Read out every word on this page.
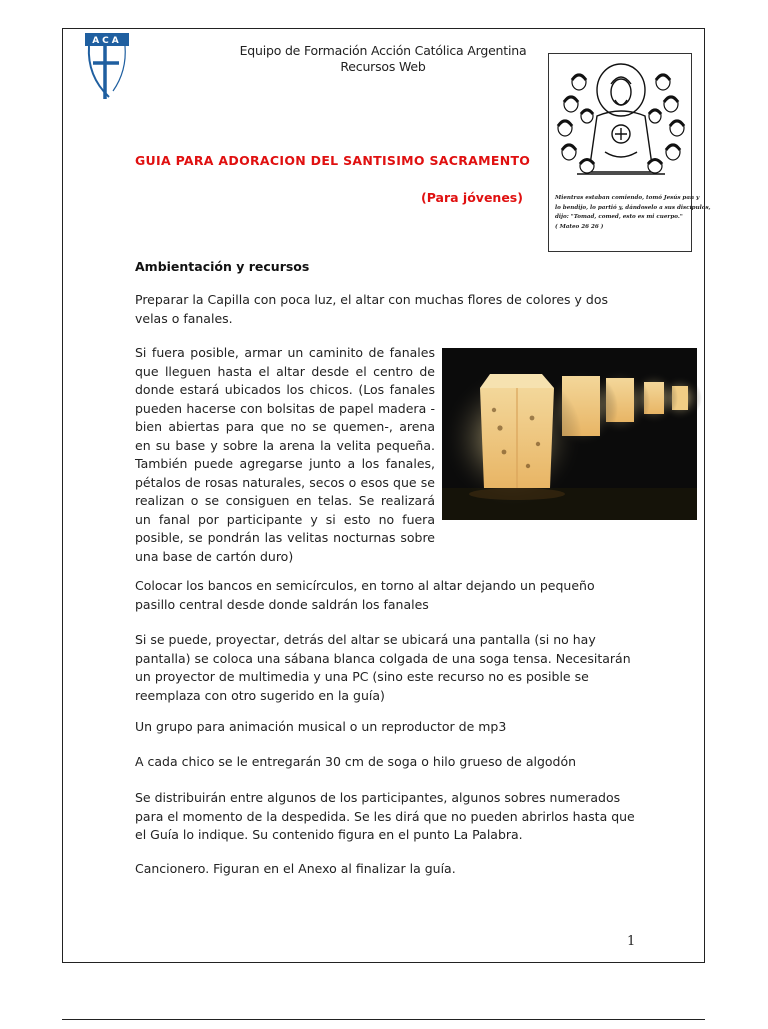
ACA
Equipo de Formación Acción Católica Argentina
Recursos Web
Mientras estaban comiendo, tomó Jesús pan y
lo bendijo, lo partió y, dándoselo a sus discípulos,
dijo: "Tomad, comed, esto es mi cuerpo."
( Mateo 26 26 )
GUIA PARA ADORACION DEL SANTISIMO SACRAMENTO
(Para jóvenes)
Ambientación y recursos
Preparar la Capilla con poca luz, el altar con muchas flores de colores y dos velas o fanales.
Si fuera posible, armar un caminito de fanales que lleguen hasta el altar desde el centro de donde estará ubicados los chicos. (Los fanales pueden hacerse con bolsitas de papel madera - bien abiertas para que no se quemen-, arena en su base y sobre la arena la velita pequeña. También puede agregarse junto a los fanales, pétalos de rosas naturales, secos o esos que se realizan o se consiguen en telas. Se realizará un fanal por participante y si esto no fuera posible, se pondrán las velitas nocturnas sobre una base de cartón duro)
Colocar los bancos en semicírculos, en torno al altar dejando un pequeño pasillo central desde donde saldrán los fanales
Si se puede, proyectar, detrás del altar se ubicará una pantalla (si no hay pantalla) se coloca una sábana blanca colgada de una soga tensa. Necesitarán un proyector de multimedia y una PC (sino este recurso no es posible se reemplaza con otro sugerido en la guía)
Un grupo para animación musical o un reproductor de mp3
A cada chico se le entregarán 30 cm de soga o hilo grueso de algodón
Se distribuirán entre algunos de los participantes, algunos sobres numerados para el momento de la despedida. Se les dirá que no pueden abrirlos hasta que el Guía lo indique. Su contenido figura en el punto La Palabra.
Cancionero. Figuran en el Anexo al finalizar la guía.
1
